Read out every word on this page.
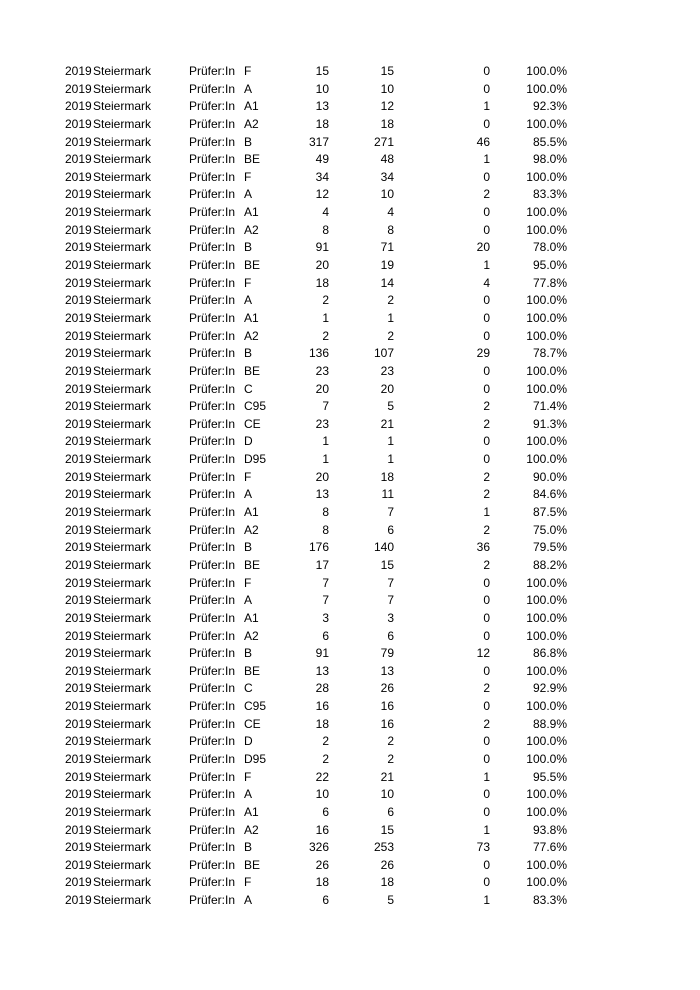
2019 Steiermark	Prüfer:In F	15	15	0	100.0%
2019 Steiermark	Prüfer:In A	10	10	0	100.0%
2019 Steiermark	Prüfer:In A1	13	12	1	92.3%
2019 Steiermark	Prüfer:In A2	18	18	0	100.0%
2019 Steiermark	Prüfer:In B	317	271	46	85.5%
2019 Steiermark	Prüfer:In BE	49	48	1	98.0%
2019 Steiermark	Prüfer:In F	34	34	0	100.0%
2019 Steiermark	Prüfer:In A	12	10	2	83.3%
2019 Steiermark	Prüfer:In A1	4	4	0	100.0%
2019 Steiermark	Prüfer:In A2	8	8	0	100.0%
2019 Steiermark	Prüfer:In B	91	71	20	78.0%
2019 Steiermark	Prüfer:In BE	20	19	1	95.0%
2019 Steiermark	Prüfer:In F	18	14	4	77.8%
2019 Steiermark	Prüfer:In A	2	2	0	100.0%
2019 Steiermark	Prüfer:In A1	1	1	0	100.0%
2019 Steiermark	Prüfer:In A2	2	2	0	100.0%
2019 Steiermark	Prüfer:In B	136	107	29	78.7%
2019 Steiermark	Prüfer:In BE	23	23	0	100.0%
2019 Steiermark	Prüfer:In C	20	20	0	100.0%
2019 Steiermark	Prüfer:In C95	7	5	2	71.4%
2019 Steiermark	Prüfer:In CE	23	21	2	91.3%
2019 Steiermark	Prüfer:In D	1	1	0	100.0%
2019 Steiermark	Prüfer:In D95	1	1	0	100.0%
2019 Steiermark	Prüfer:In F	20	18	2	90.0%
2019 Steiermark	Prüfer:In A	13	11	2	84.6%
2019 Steiermark	Prüfer:In A1	8	7	1	87.5%
2019 Steiermark	Prüfer:In A2	8	6	2	75.0%
2019 Steiermark	Prüfer:In B	176	140	36	79.5%
2019 Steiermark	Prüfer:In BE	17	15	2	88.2%
2019 Steiermark	Prüfer:In F	7	7	0	100.0%
2019 Steiermark	Prüfer:In A	7	7	0	100.0%
2019 Steiermark	Prüfer:In A1	3	3	0	100.0%
2019 Steiermark	Prüfer:In A2	6	6	0	100.0%
2019 Steiermark	Prüfer:In B	91	79	12	86.8%
2019 Steiermark	Prüfer:In BE	13	13	0	100.0%
2019 Steiermark	Prüfer:In C	28	26	2	92.9%
2019 Steiermark	Prüfer:In C95	16	16	0	100.0%
2019 Steiermark	Prüfer:In CE	18	16	2	88.9%
2019 Steiermark	Prüfer:In D	2	2	0	100.0%
2019 Steiermark	Prüfer:In D95	2	2	0	100.0%
2019 Steiermark	Prüfer:In F	22	21	1	95.5%
2019 Steiermark	Prüfer:In A	10	10	0	100.0%
2019 Steiermark	Prüfer:In A1	6	6	0	100.0%
2019 Steiermark	Prüfer:In A2	16	15	1	93.8%
2019 Steiermark	Prüfer:In B	326	253	73	77.6%
2019 Steiermark	Prüfer:In BE	26	26	0	100.0%
2019 Steiermark	Prüfer:In F	18	18	0	100.0%
2019 Steiermark	Prüfer:In A	6	5	1	83.3%
